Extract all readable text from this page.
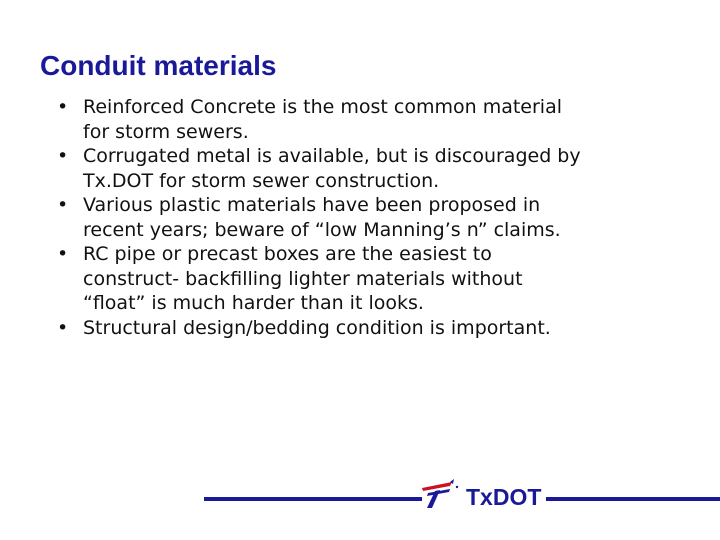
Conduit materials
• Reinforced Concrete is the most common material
for storm sewers.
• Corrugated metal is available, but is discouraged by
Tx.DOT for storm sewer construction.
• Various plastic materials have been proposed in
recent years; beware of “low Manning’s n” claims.
• RC pipe or precast boxes are the easiest to
construct- backfilling lighter materials without
“float” is much harder than it looks.
• Structural design/bedding condition is important.
TxDOT
